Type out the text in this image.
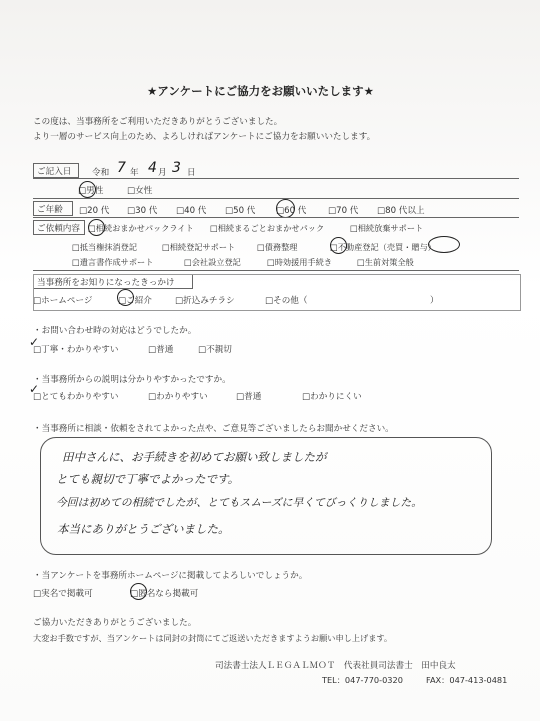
★アンケートにご協力をお願いいたします★
この度は、当事務所をご利用いただきありがとうございました。
より一層のサービス向上のため、よろしければアンケートにご協力をお願いいたします。
ご記入日	令和 7 年 4 月 3 日
□男性	□女性
ご年齢	□20 代 □30 代 □40 代 □50 代 □60 代	□70 代 □80 代以上
ご依頼内容 □相続おまかせパックライト □相続まるごとおまかせパック	□相続放棄サポート
□抵当権抹消登記	□相続登記サポート	□債務整理	□不動産登記（売買・贈与）
□遺言書作成サポート	□会社設立登記	□時効援用手続き	□生前対策全般
当事務所をお知りになったきっかけ
□ホームページ	□ご紹介	□折込みチラシ	□その他（	）
・お問い合わせ時の対応はどうでしたか。
□丁寧・わかりやすい	□普通	□不親切
✓
・当事務所からの説明は分かりやすかったですか。
□とてもわかりやすい	□わかりやすい	□普通	□わかりにくい
✓
・当事務所に相談・依頼をされてよかった点や、ご意見等ございましたらお聞かせください。
田中さんに、お手続きを初めてお願い致しましたが
とても親切で丁寧でよかったです。
今回は初めての相続でしたが、とてもスムーズに早くてびっくりしました。
本当にありがとうございました。
・当アンケートを事務所ホームページに掲載してよろしいでしょうか。
□実名で掲載可	□匿名なら掲載可
ご協力いただきありがとうございました。
大変お手数ですが、当アンケートは同封の封筒にてご返送いただきますようお願い申し上げます。
司法書士法人ＬＥＧＡＬＭＯＴ　代表社員司法書士　田中良太
TEL：047-770-0320	FAX：047-413-0481
